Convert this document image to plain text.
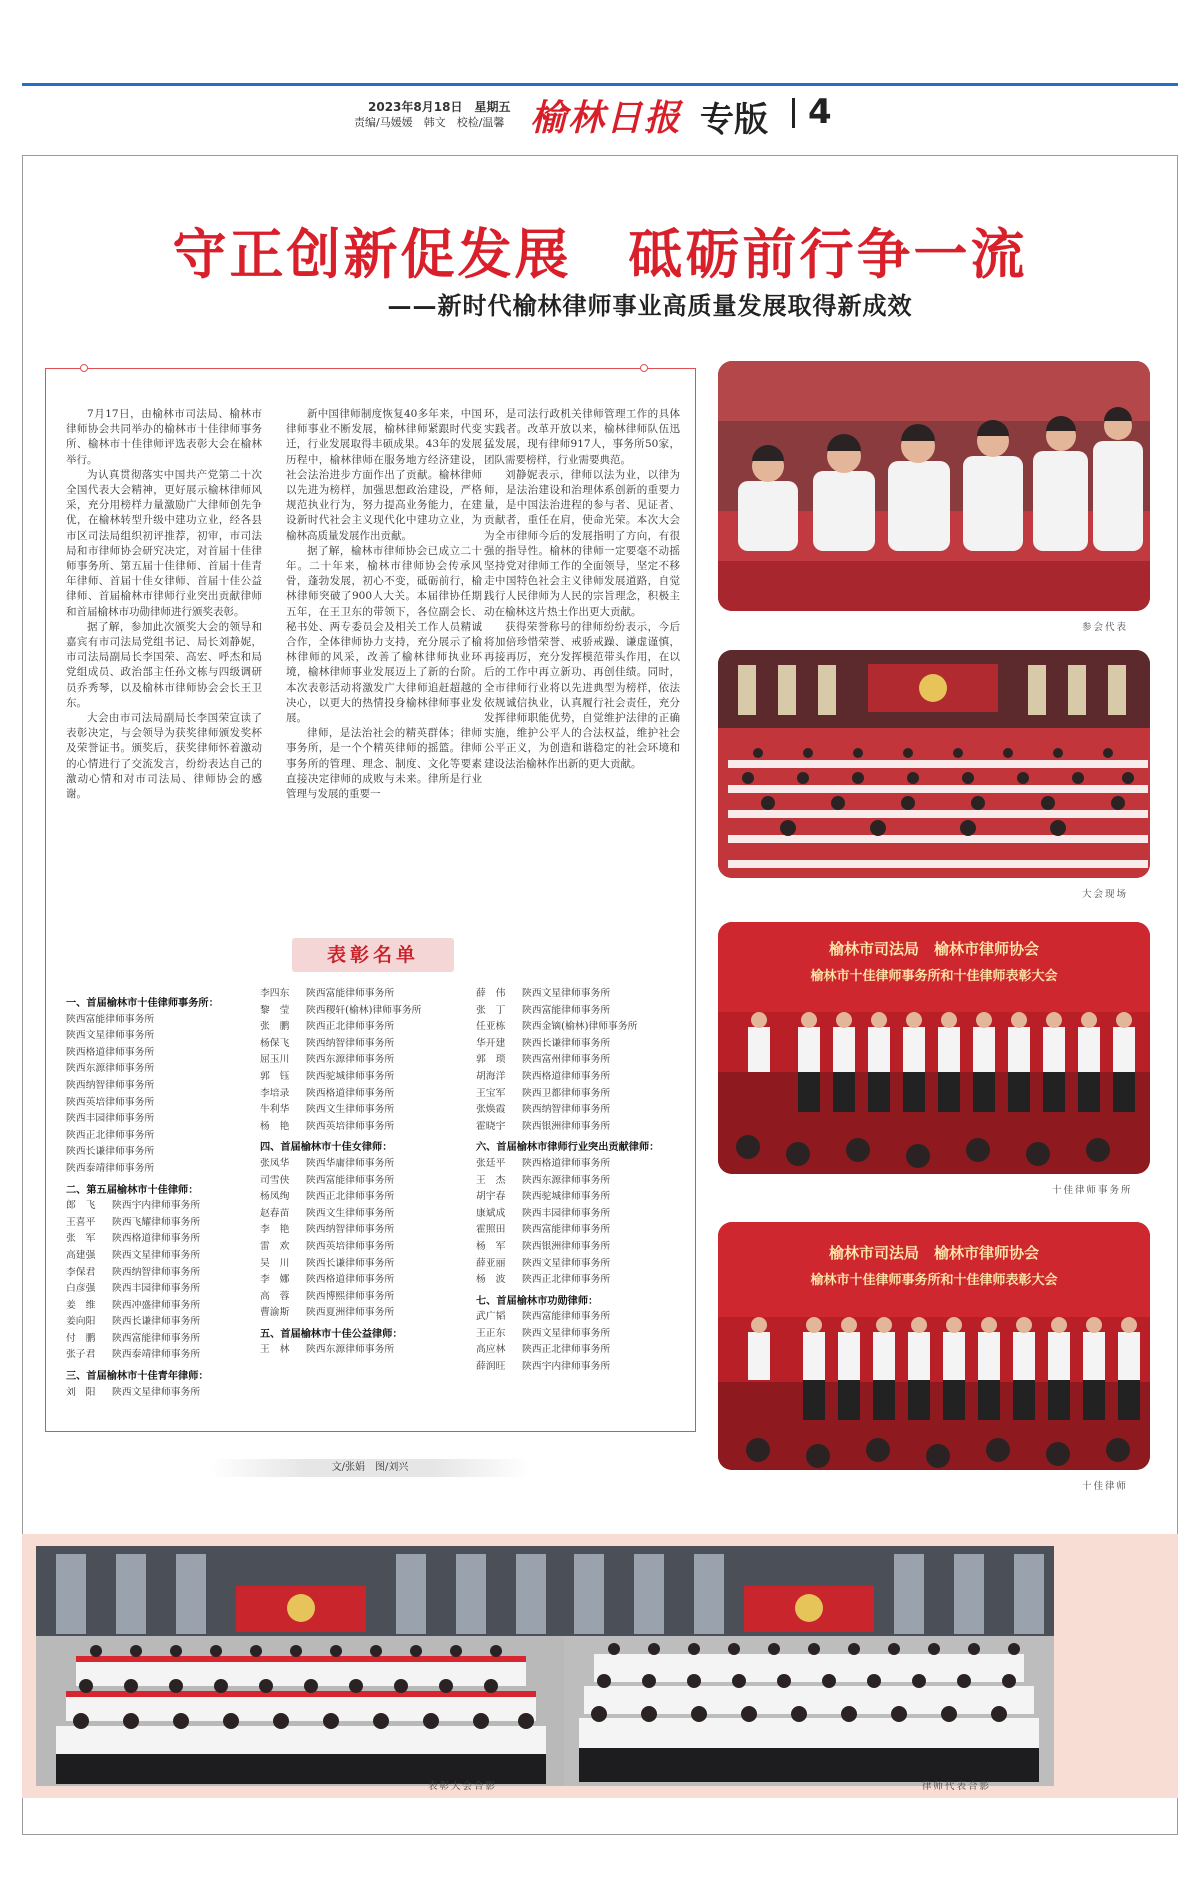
2023年8月18日　星期五
责编/马媛媛　韩文　校检/温馨 榆林日报 专版 4
守正创新促发展　砥砺前行争一流
——新时代榆林律师事业高质量发展取得新成效

7月17日，由榆林市司法局、榆林市律师协会共同举办的榆林市十佳律师事务所、榆林市十佳律师评选表彰大会在榆林举行。

为认真贯彻落实中国共产党第二十次全国代表大会精神，更好展示榆林律师风采，充分用榜样力量激励广大律师创先争优，在榆林转型升级中建功立业，经各县市区司法局组织初评推荐，初审，市司法局和市律师协会研究决定，对首届十佳律师事务所、第五届十佳律师、首届十佳青年律师、首届十佳女律师、首届十佳公益律师、首届榆林市律师行业突出贡献律师和首届榆林市功勋律师进行颁奖表彰。

据了解，参加此次颁奖大会的领导和嘉宾有市司法局党组书记、局长刘静妮，市司法局副局长李国荣、高宏、呼杰和局党组成员、政治部主任孙文栋与四级调研员乔秀琴，以及榆林市律师协会会长王卫东。

大会由市司法局副局长李国荣宣读了表彰决定，与会领导为获奖律师颁发奖杯及荣誉证书。颁奖后，获奖律师怀着激动的心情进行了交流发言，纷纷表达自己的激动心情和对市司法局、律师协会的感谢。

新中国律师制度恢复40多年来，中国律师事业不断发展，榆林律师紧跟时代变迁，行业发展取得丰硕成果。43年的发展历程中，榆林律师在服务地方经济建设，社会法治进步方面作出了贡献。榆林律师以先进为榜样，加强思想政治建设，严格规范执业行为，努力提高业务能力，在建设新时代社会主义现代化中建功立业，为榆林高质量发展作出贡献。

据了解，榆林市律师协会已成立二十年。二十年来，榆林市律师协会传承风骨，蓬勃发展，初心不变，砥砺前行，榆林律师突破了900人大关。本届律协任期五年，在王卫东的带领下，各位副会长、秘书处、两专委员会及相关工作人员精诚合作，全体律师协力支持，充分展示了榆林律师的风采，改善了榆林律师执业环境，榆林律师事业发展迈上了新的台阶。本次表彰活动将激发广大律师追赶超越的决心，以更大的热情投身榆林律师事业发展。

律师，是法治社会的精英群体；律师事务所，是一个个精英律师的摇篮。律师事务所的管理、理念、制度、文化等要素直接决定律师的成败与未来。律所是行业管理与发展的重要一

环，是司法行政机关律师管理工作的具体实践者。改革开放以来，榆林律师队伍迅猛发展，现有律师917人，事务所50家，团队需要榜样，行业需要典范。

刘静妮表示，律师以法为业，以律为师，是法治建设和治理体系创新的重要力量，是中国法治进程的参与者、见证者、贡献者，重任在肩，使命光荣。本次大会为全市律师今后的发展指明了方向，有很强的指导性。榆林的律师一定要毫不动摇坚持党对律师工作的全面领导，坚定不移走中国特色社会主义律师发展道路，自觉践行人民律师为人民的宗旨理念，积极主动在榆林这片热土作出更大贡献。

获得荣誉称号的律师纷纷表示，今后将加倍珍惜荣誉、戒骄戒躁、谦虚谨慎，再接再厉，充分发挥模范带头作用，在以后的工作中再立新功、再创佳绩。同时，全市律师行业将以先进典型为榜样，依法依规诚信执业，认真履行社会责任，充分发挥律师职能优势，自觉维护法律的正确实施，维护公平人的合法权益，维护社会公平正义，为创造和谐稳定的社会环境和建设法治榆林作出新的更大贡献。

表彰名单
一、首届榆林市十佳律师事务所：
陕西富能律师事务所
陕西文星律师事务所
陕西格道律师事务所
陕西东源律师事务所
陕西纳智律师事务所
陕西英培律师事务所
陕西丰园律师事务所
陕西正北律师事务所
陕西长谦律师事务所
陕西泰靖律师事务所
二、第五届榆林市十佳律师：
郎　飞 陕西宇内律师事务所
王喜平 陕西飞耀律师事务所
张　军 陕西格道律师事务所
高建强 陕西文星律师事务所
李保君 陕西纳智律师事务所
白彦强 陕西丰园律师事务所
姜　维 陕西冲盛律师事务所
姜向阳 陕西长谦律师事务所
付　鹏 陕西富能律师事务所
张子君 陕西泰靖律师事务所
三、首届榆林市十佳青年律师：
刘　阳 陕西文星律师事务所
李四东 陕西富能律师事务所
黎　莹 陕西稷轩(榆林)律师事务所
张　鹏 陕西正北律师事务所
杨保飞 陕西纳智律师事务所
屈玉川 陕西东源律师事务所
郭　钰 陕西驼城律师事务所
李培录 陕西格道律师事务所
牛利华 陕西文生律师事务所
杨　艳 陕西英培律师事务所
四、首届榆林市十佳女律师：
张凤华 陕西华庸律师事务所
司雪侠 陕西富能律师事务所
杨凤绚 陕西正北律师事务所
赵春苗 陕西文生律师事务所
李　艳 陕西纳智律师事务所
雷　欢 陕西英培律师事务所
吴　川 陕西长谦律师事务所
李　娜 陕西格道律师事务所
高　蓉 陕西博熙律师事务所
曹渝斯 陕西夏洲律师事务所
五、首届榆林市十佳公益律师：
王　林 陕西东源律师事务所
薛　伟 陕西文星律师事务所
张　丁 陕西富能律师事务所
任亚栋 陕西金镝(榆林)律师事务所
华开建 陕西长谦律师事务所
郭　琐 陕西富州律师事务所
胡海洋 陕西格道律师事务所
王宝军 陕西卫都律师事务所
张焕霞 陕西纳智律师事务所
霍晓宇 陕西银洲律师事务所
六、首届榆林市律师行业突出贡献律师：
张廷平 陕西格道律师事务所
王　杰 陕西东源律师事务所
胡宇春 陕西驼城律师事务所
康斌成 陕西丰园律师事务所
霍照田 陕西富能律师事务所
杨　军 陕西银洲律师事务所
薛亚丽 陕西文星律师事务所
杨　波 陕西正北律师事务所
七、首届榆林市功勋律师：
武广韬 陕西富能律师事务所
王正东 陕西文星律师事务所
高应林 陕西正北律师事务所
薛润旺 陕西宇内律师事务所
文/张娟　图/刘兴
参会代表
大会现场
榆林市司法局　榆林市律师协会
榆林市十佳律师事务所和十佳律师表彰大会
十佳律师事务所
榆林市司法局　榆林市律师协会
榆林市十佳律师事务所和十佳律师表彰大会
十佳律师
表彰大会合影	律师代表合影
